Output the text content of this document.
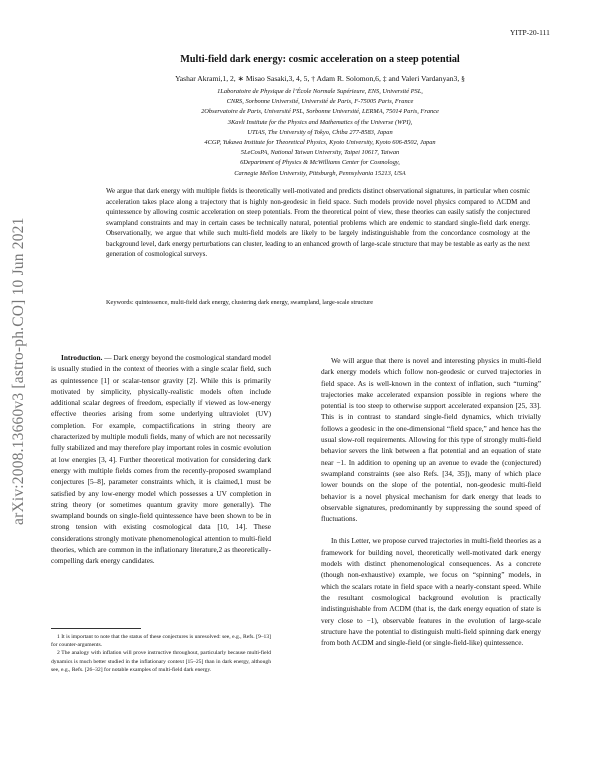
YITP-20-111
arXiv:2008.13660v3 [astro-ph.CO] 10 Jun 2021
Multi-field dark energy: cosmic acceleration on a steep potential
Yashar Akrami,1, 2, ∗ Misao Sasaki,3, 4, 5, † Adam R. Solomon,6, ‡ and Valeri Vardanyan3, §
1Laboratoire de Physique de l’École Normale Supérieure, ENS, Université PSL,
CNRS, Sorbonne Université, Université de Paris, F-75005 Paris, France
2Observatoire de Paris, Université PSL, Sorbonne Université, LERMA, 75014 Paris, France
3Kavli Institute for the Physics and Mathematics of the Universe (WPI),
UTIAS, The University of Tokyo, Chiba 277-8583, Japan
4CGP, Yukawa Institute for Theoretical Physics, Kyoto University, Kyoto 606-8502, Japan
5LeCosPA, National Taiwan University, Taipei 10617, Taiwan
6Department of Physics & McWilliams Center for Cosmology,
Carnegie Mellon University, Pittsburgh, Pennsylvania 15213, USA
We argue that dark energy with multiple fields is theoretically well-motivated and predicts distinct observational signatures, in particular when cosmic acceleration takes place along a trajectory that is highly non-geodesic in field space. Such models provide novel physics compared to ΛCDM and quintessence by allowing cosmic acceleration on steep potentials. From the theoretical point of view, these theories can easily satisfy the conjectured swampland constraints and may in certain cases be technically natural, potential problems which are endemic to standard single-field dark energy. Observationally, we argue that while such multi-field models are likely to be largely indistinguishable from the concordance cosmology at the background level, dark energy perturbations can cluster, leading to an enhanced growth of large-scale structure that may be testable as early as the next generation of cosmological surveys.
Keywords: quintessence, multi-field dark energy, clustering dark energy, swampland, large-scale structure

Introduction. — Dark energy beyond the cosmological standard model is usually studied in the context of theories with a single scalar field, such as quintessence [1] or scalar-tensor gravity [2]. While this is primarily motivated by simplicity, physically-realistic models often include additional scalar degrees of freedom, especially if viewed as low-energy effective theories arising from some underlying ultraviolet (UV) completion. For example, compactifications in string theory are characterized by multiple moduli fields, many of which are not necessarily fully stabilized and may therefore play important roles in cosmic evolution at low energies [3, 4]. Further theoretical motivation for considering dark energy with multiple fields comes from the recently-proposed swampland conjectures [5–8], parameter constraints which, it is claimed,1 must be satisfied by any low-energy model which possesses a UV completion in string theory (or sometimes quantum gravity more generally). The swampland bounds on single-field quintessence have been shown to be in strong tension with existing cosmological data [10, 14]. These considerations strongly motivate phenomenological attention to multi-field theories, which are common in the inflationary literature,2 as theoretically-compelling dark energy candidates.

We will argue that there is novel and interesting physics in multi-field dark energy models which follow non-geodesic or curved trajectories in field space. As is well-known in the context of inflation, such “turning” trajectories make accelerated expansion possible in regions where the potential is too steep to otherwise support accelerated expansion [25, 33]. This is in contrast to standard single-field dynamics, which trivially follows a geodesic in the one-dimensional “field space,” and hence has the usual slow-roll requirements. Allowing for this type of strongly multi-field behavior severs the link between a flat potential and an equation of state near −1. In addition to opening up an avenue to evade the (conjectured) swampland constraints (see also Refs. [34, 35]), many of which place lower bounds on the slope of the potential, non-geodesic multi-field behavior is a novel physical mechanism for dark energy that leads to observable signatures, predominantly by suppressing the sound speed of fluctuations.

In this Letter, we propose curved trajectories in multi-field theories as a framework for building novel, theoretically well-motivated dark energy models with distinct phenomenological consequences. As a concrete (though non-exhaustive) example, we focus on “spinning” models, in which the scalars rotate in field space with a nearly-constant speed. While the resultant cosmological background evolution is practically indistinguishable from ΛCDM (that is, the dark energy equation of state is very close to −1), observable features in the evolution of large-scale structure have the potential to distinguish multi-field spinning dark energy from both ΛCDM and single-field (or single-field-like) quintessence.

1 It is important to note that the status of these conjectures is unresolved: see, e.g., Refs. [9–13] for counter-arguments.
2 The analogy with inflation will prove instructive throughout, particularly because multi-field dynamics is much better studied in the inflationary context [15–25] than in dark energy, although see, e.g., Refs. [26–32] for notable examples of multi-field dark energy.
